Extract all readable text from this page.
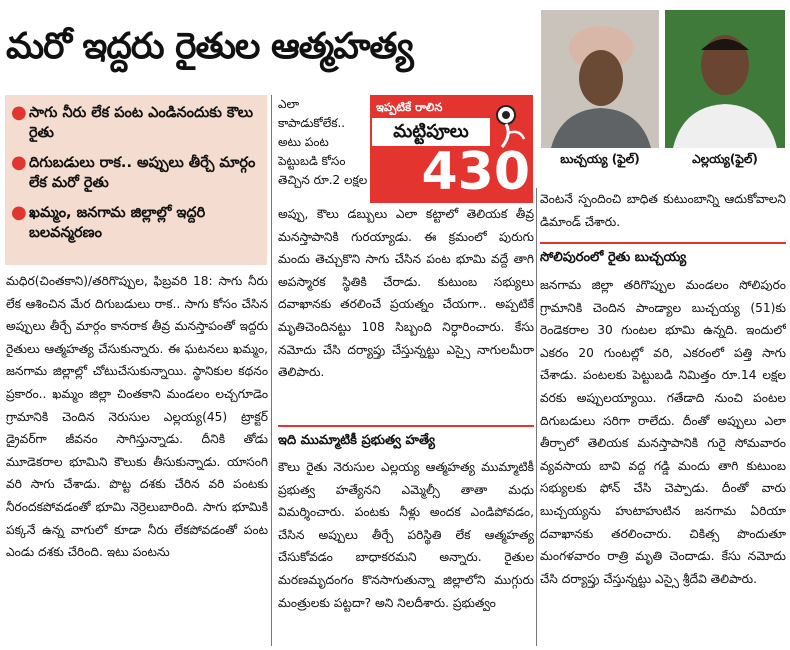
మరో ఇద్దరు రైతుల ఆత్మహత్య
● సాగు నీరు లేక పంట ఎండినందుకు కౌలు రైతు
● దిగుబడులు రాక.. అప్పులు తీర్చే మార్గం లేక మరో రైతు
● ఖమ్మం, జనగామ జిల్లాల్లో ఇద్దరి బలవన్మరణం

మధిర(చింతకాని)/తరిగొప్పుల, ఫిబ్రవరి 18: సాగు నీరు లేక ఆశించిన మేర దిగుబడులు రాక.. సాగు కోసం చేసిన అప్పులు తీర్చే మార్గం కానరాక తీవ్ర మనస్తాపంతో ఇద్దరు రైతులు ఆత్మహత్య చేసుకున్నారు. ఈ ఘటనలు ఖమ్మం, జనగామ జిల్లాల్లో చోటుచేసుకున్నాయి. స్థానికుల కథనం ప్రకారం.. ఖమ్మం జిల్లా చింతకాని మండలం లచ్చగూడెం గ్రామానికి చెందిన నెరుసుల ఎల్లయ్య(45) ట్రాక్టర్ డ్రైవర్‌గా జీవనం సాగిస్తున్నాడు. దీనికి తోడు మూడెకరాల భూమిని కౌలుకు తీసుకున్నాడు. యాసంగి వరి సాగు చేశాడు. పొట్ట దశకు చేరిన వరి పంటకు నీరందకపోవడంతో భూమి నెర్రెలుబారింది. సాగు భూమికి పక్కనే ఉన్న వాగులో కూడా నీరు లేకపోవడంతో పంట ఎండు దశకు చేరింది. ఇటు పంటను

ఎలా కాపాడుకోలేక.. అటు పంట పెట్టుబడి కోసం తెచ్చిన రూ.2 లక్షల

ఇప్పటికే రాలిన
మట్టిపూలు
430

అప్పు, కౌలు డబ్బులు ఎలా కట్టాలో తెలియక తీవ్ర మనస్తాపానికి గురయ్యాడు. ఈ క్రమంలో పురుగు మందు తెచ్చుకొని సాగు చేసిన పంట భూమి వద్దే తాగి అపస్మారక స్థితికి చేరాడు. కుటుంబ సభ్యులు దవాఖానకు తరలించే ప్రయత్నం చేయగా.. అప్పటికే మృతిచెందినట్టు 108 సిబ్బంది నిర్ధారించారు. కేసు నమోదు చేసి దర్యాప్తు చేస్తున్నట్టు ఎస్సై నాగులమీరా తెలిపారు.

ఇది ముమ్మాటికీ ప్రభుత్వ హత్యే

కౌలు రైతు నెరుసుల ఎల్లయ్య ఆత్మహత్య ముమ్మాటికీ ప్రభుత్వ హత్యేనని ఎమ్మెల్సీ తాతా మధు విమర్శించారు. పంటకు నీళ్లు అందక ఎండిపోవడం, చేసిన అప్పులు తీర్చే పరిస్థితి లేక ఆత్మహత్య చేసుకోవడం బాధాకరమని అన్నారు. రైతుల మరణమృదంగం కొనసాగుతున్నా జిల్లాలోని ముగ్గురు మంత్రులకు పట్టదా? అని నిలదీశారు. ప్రభుత్వం

బుచ్చయ్య (ఫైల్)	ఎల్లయ్య(ఫైల్)

వెంటనే స్పందించి బాధిత కుటుంబాన్ని ఆదుకోవాలని డిమాండ్ చేశారు.

సోలిపురంలో రైతు బుచ్చయ్య

జనగామ జిల్లా తరిగొప్పుల మండలం సోలిపురం గ్రామానికి చెందిన పాండ్యాల బుచ్చయ్య (51)కు రెండెకరాల 30 గుంటల భూమి ఉన్నది. ఇందులో ఎకరం 20 గుంటల్లో వరి, ఎకరంలో పత్తి సాగు చేశాడు. పంటలకు పెట్టుబడి నిమిత్తం రూ.14 లక్షల వరకు అప్పులయ్యాయి. గతేడాది నుంచి పంటల దిగుబడులు సరిగా రాలేదు. దీంతో అప్పులు ఎలా తీర్చాలో తెలియక మనస్తాపానికి గురై సోమవారం వ్యవసాయ బావి వద్ద గడ్డి మందు తాగి కుటుంబ సభ్యులకు ఫోన్ చేసి చెప్పాడు. దీంతో వారు బుచ్చయ్యను హుటాహుటిన జనగామ ఏరియా దవాఖానకు తరలించారు. చికిత్స పొందుతూ మంగళవారం రాత్రి మృతి చెందాడు. కేసు నమోదు చేసి దర్యాప్తు చేస్తున్నట్టు ఎస్సై శ్రీదేవి తెలిపారు.
